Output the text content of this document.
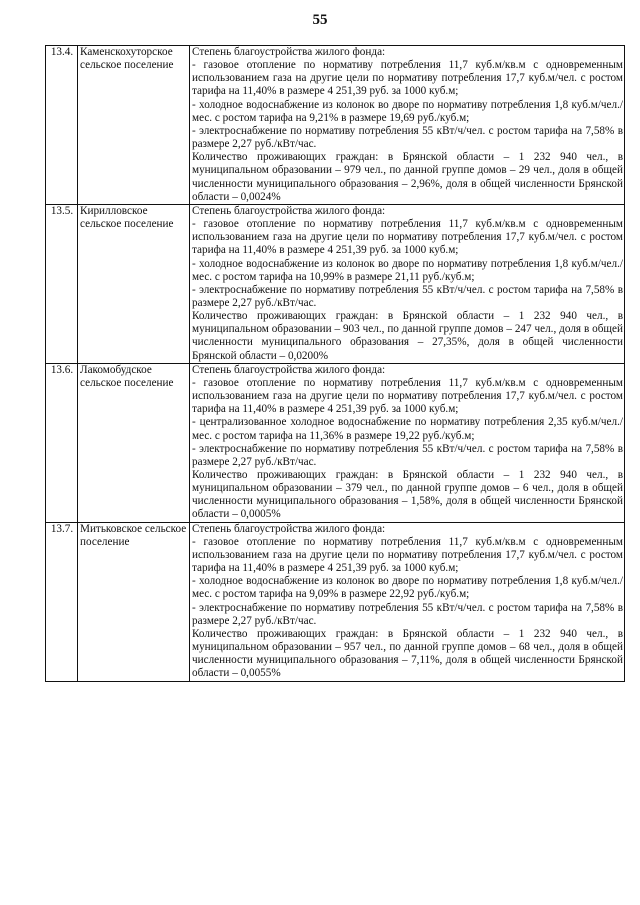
55
13.4.	Каменскохуторское сельское поселение	Степень благоустройства жилого фонда:
- газовое отопление по нормативу потребления 11,7 куб.м/кв.м с одновременным использованием газа на другие цели по нормативу потребления 17,7 куб.м/чел. с ростом тарифа на 11,40% в размере 4 251,39 руб. за 1000 куб.м;
- холодное водоснабжение из колонок во дворе по нормативу потребления 1,8 куб.м/чел./мес. с ростом тарифа на 9,21% в размере 19,69 руб./куб.м;
- электроснабжение по нормативу потребления 55 кВт/ч/чел. с ростом тарифа на 7,58% в размере 2,27 руб./кВт/час.
Количество проживающих граждан: в Брянской области – 1 232 940 чел., в муниципальном образовании – 979 чел., по данной группе домов – 29 чел., доля в общей численности муниципального образования – 2,96%, доля в общей численности Брянской области – 0,0024%

13.5.	Кирилловское сельское поселение	Степень благоустройства жилого фонда:
- газовое отопление по нормативу потребления 11,7 куб.м/кв.м с одновременным использованием газа на другие цели по нормативу потребления 17,7 куб.м/чел. с ростом тарифа на 11,40% в размере 4 251,39 руб. за 1000 куб.м;
- холодное водоснабжение из колонок во дворе по нормативу потребления 1,8 куб.м/чел./мес. с ростом тарифа на 10,99% в размере 21,11 руб./куб.м;
- электроснабжение по нормативу потребления 55 кВт/ч/чел. с ростом тарифа на 7,58% в размере 2,27 руб./кВт/час.
Количество проживающих граждан: в Брянской области – 1 232 940 чел., в муниципальном образовании – 903 чел., по данной группе домов – 247 чел., доля в общей численности муниципального образования – 27,35%, доля в общей численности Брянской области – 0,0200%

13.6.	Лакомобудское сельское поселение	Степень благоустройства жилого фонда:
- газовое отопление по нормативу потребления 11,7 куб.м/кв.м с одновременным использованием газа на другие цели по нормативу потребления 17,7 куб.м/чел. с ростом тарифа на 11,40% в размере 4 251,39 руб. за 1000 куб.м;
- централизованное холодное водоснабжение по нормативу потребления 2,35 куб.м/чел./мес. с ростом тарифа на 11,36% в размере 19,22 руб./куб.м;
- электроснабжение по нормативу потребления 55 кВт/ч/чел. с ростом тарифа на 7,58% в размере 2,27 руб./кВт/час.
Количество проживающих граждан: в Брянской области – 1 232 940 чел., в муниципальном образовании – 379 чел., по данной группе домов – 6 чел., доля в общей численности муниципального образования – 1,58%, доля в общей численности Брянской области – 0,0005%

13.7.	Митьковское сельское поселение	Степень благоустройства жилого фонда:
- газовое отопление по нормативу потребления 11,7 куб.м/кв.м с одновременным использованием газа на другие цели по нормативу потребления 17,7 куб.м/чел. с ростом тарифа на 11,40% в размере 4 251,39 руб. за 1000 куб.м;
- холодное водоснабжение из колонок во дворе по нормативу потребления 1,8 куб.м/чел./мес. с ростом тарифа на 9,09% в размере 22,92 руб./куб.м;
- электроснабжение по нормативу потребления 55 кВт/ч/чел. с ростом тарифа на 7,58% в размере 2,27 руб./кВт/час.
Количество проживающих граждан: в Брянской области – 1 232 940 чел., в муниципальном образовании – 957 чел., по данной группе домов – 68 чел., доля в общей численности муниципального образования – 7,11%, доля в общей численности Брянской области – 0,0055%
